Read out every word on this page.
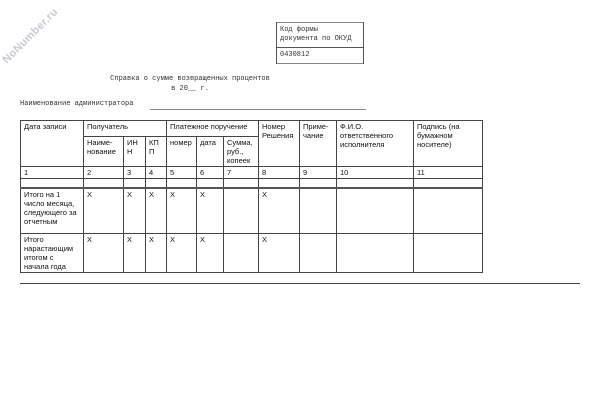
NoNumber.ru	Код формы
документа по ОКУД
0430812
Справка о сумме возвращенных процентов
в 20__ г.
Наименование администратора
Дата записи	Получатель			Платежное поручение			Номер Решения	Приме-чание	Ф.И.О. ответственного исполнителя	Подпись (на бумажном носителе)
	Наиме-нование	ИН Н	КП П	номер	дата	Сумма, руб., копеек				
1	2	3	4	5	6	7	8	9	10	11

Итого на 1 число месяца, следующего за отчетным	X	X	X	X	X		X			
Итого нарастающим итогом с начала года	X	X	X	X	X		X			
